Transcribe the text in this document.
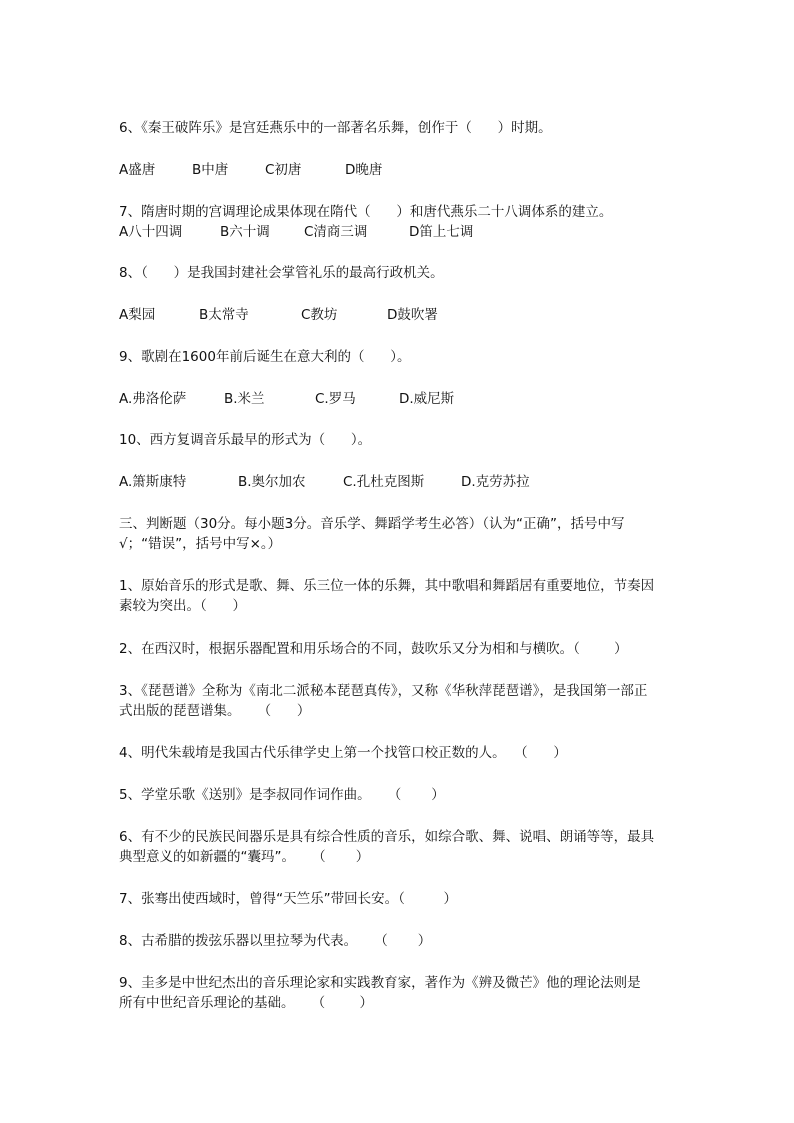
6、《秦王破阵乐》是宫廷燕乐中的一部著名乐舞，创作于（      ）时期。
A盛唐	B中唐	C初唐	D晚唐
7、隋唐时期的宫调理论成果体现在隋代（      ）和唐代燕乐二十八调体系的建立。
A八十四调	B六十调	C清商三调	D笛上七调
8、（      ）是我国封建社会掌管礼乐的最高行政机关。
A梨园	B太常寺	C教坊	D鼓吹署
9、歌剧在1600年前后诞生在意大利的（      ）。
A.弗洛伦萨	B.米兰	C.罗马	D.威尼斯
10、西方复调音乐最早的形式为（      ）。
A.箫斯康特	B.奥尔加农	C.孔杜克图斯	D.克劳苏拉
三、判断题（30分。每小题3分。音乐学、舞蹈学考生必答）（认为“正确”，括号中写
√；“错误”，括号中写×。）
1、原始音乐的形式是歌、舞、乐三位一体的乐舞，其中歌唱和舞蹈居有重要地位，节奏因
素较为突出。（      ）
2、在西汉时，根据乐器配置和用乐场合的不同，鼓吹乐又分为相和与横吹。（        ）
3、《琵琶谱》全称为《南北二派秘本琵琶真传》，又称《华秋萍琵琶谱》，是我国第一部正
式出版的琵琶谱集。    （      ）
4、明代朱载堉是我国古代乐律学史上第一个找管口校正数的人。  （      ）
5、学堂乐歌《送别》是李叔同作词作曲。    （       ）
6、有不少的民族民间器乐是具有综合性质的音乐，如综合歌、舞、说唱、朗诵等等，最具
典型意义的如新疆的“囊玛”。    （       ）
7、张骞出使西域时，曾得“天竺乐”带回长安。（         ）
8、古希腊的拨弦乐器以里拉琴为代表。    （       ）
9、圭多是中世纪杰出的音乐理论家和实践教育家，著作为《辨及微芒》他的理论法则是
所有中世纪音乐理论的基础。    （        ）
